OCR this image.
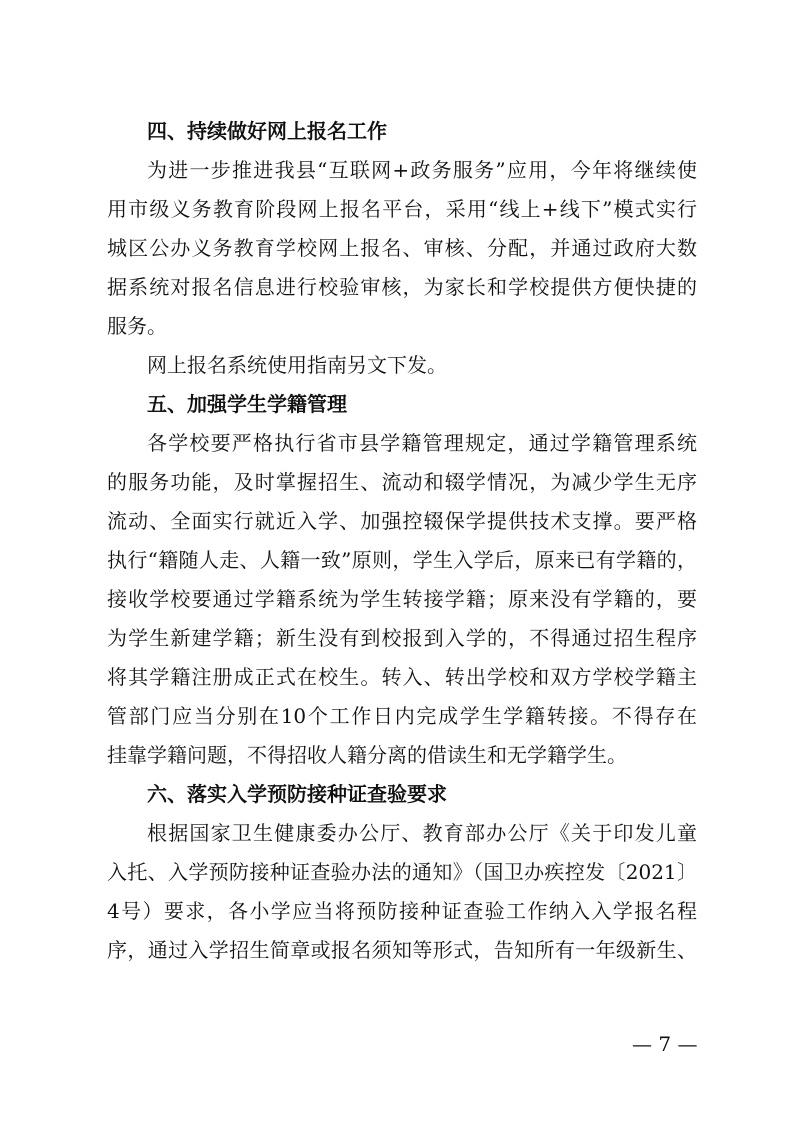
四、持续做好网上报名工作
为进一步推进我县“互联网+政务服务”应用，今年将继续使
用市级义务教育阶段网上报名平台，采用“线上+线下”模式实行
城区公办义务教育学校网上报名、审核、分配，并通过政府大数
据系统对报名信息进行校验审核，为家长和学校提供方便快捷的
服务。
网上报名系统使用指南另文下发。
五、加强学生学籍管理
各学校要严格执行省市县学籍管理规定，通过学籍管理系统
的服务功能，及时掌握招生、流动和辍学情况，为减少学生无序
流动、全面实行就近入学、加强控辍保学提供技术支撑。要严格
执行“籍随人走、人籍一致”原则，学生入学后，原来已有学籍的，
接收学校要通过学籍系统为学生转接学籍；原来没有学籍的，要
为学生新建学籍；新生没有到校报到入学的，不得通过招生程序
将其学籍注册成正式在校生。转入、转出学校和双方学校学籍主
管部门应当分别在10个工作日内完成学生学籍转接。不得存在
挂靠学籍问题，不得招收人籍分离的借读生和无学籍学生。
六、落实入学预防接种证查验要求
根据国家卫生健康委办公厅、教育部办公厅《关于印发儿童
入托、入学预防接种证查验办法的通知》（国卫办疾控发〔2021〕
4号）要求，各小学应当将预防接种证查验工作纳入入学报名程
序，通过入学招生简章或报名须知等形式，告知所有一年级新生、
— 7 —
